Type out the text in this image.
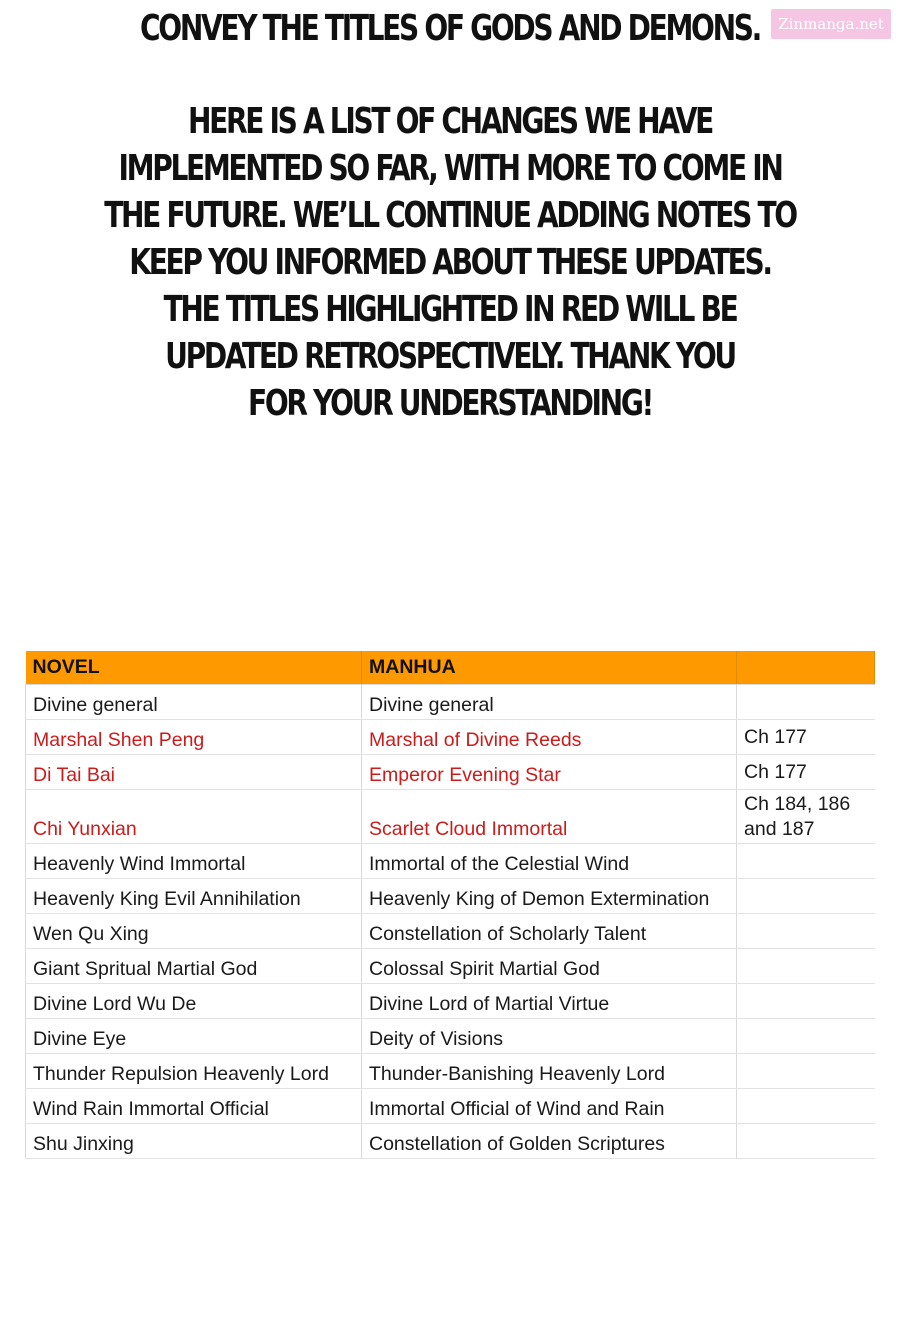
Zinmanga.net
CONVEY THE TITLES OF GODS AND DEMONS.
HERE IS A LIST OF CHANGES WE HAVE
IMPLEMENTED SO FAR, WITH MORE TO COME IN
THE FUTURE. WE’LL CONTINUE ADDING NOTES TO
KEEP YOU INFORMED ABOUT THESE UPDATES.
THE TITLES HIGHLIGHTED IN RED WILL BE
UPDATED RETROSPECTIVELY. THANK YOU
FOR YOUR UNDERSTANDING!
NOVEL	MANHUA	
Divine general	Divine general	
Marshal Shen Peng	Marshal of Divine Reeds	Ch 177
Di Tai Bai	Emperor Evening Star	Ch 177
Chi Yunxian	Scarlet Cloud Immortal	Ch 184, 186 and 187
Heavenly Wind Immortal	Immortal of the Celestial Wind	
Heavenly King Evil Annihilation	Heavenly King of Demon Extermination	
Wen Qu Xing	Constellation of Scholarly Talent	
Giant Spritual Martial God	Colossal Spirit Martial God	
Divine Lord Wu De	Divine Lord of Martial Virtue	
Divine Eye	Deity of Visions	
Thunder Repulsion Heavenly Lord	Thunder-Banishing Heavenly Lord	
Wind Rain Immortal Official	Immortal Official of Wind and Rain	
Shu Jinxing	Constellation of Golden Scriptures	
